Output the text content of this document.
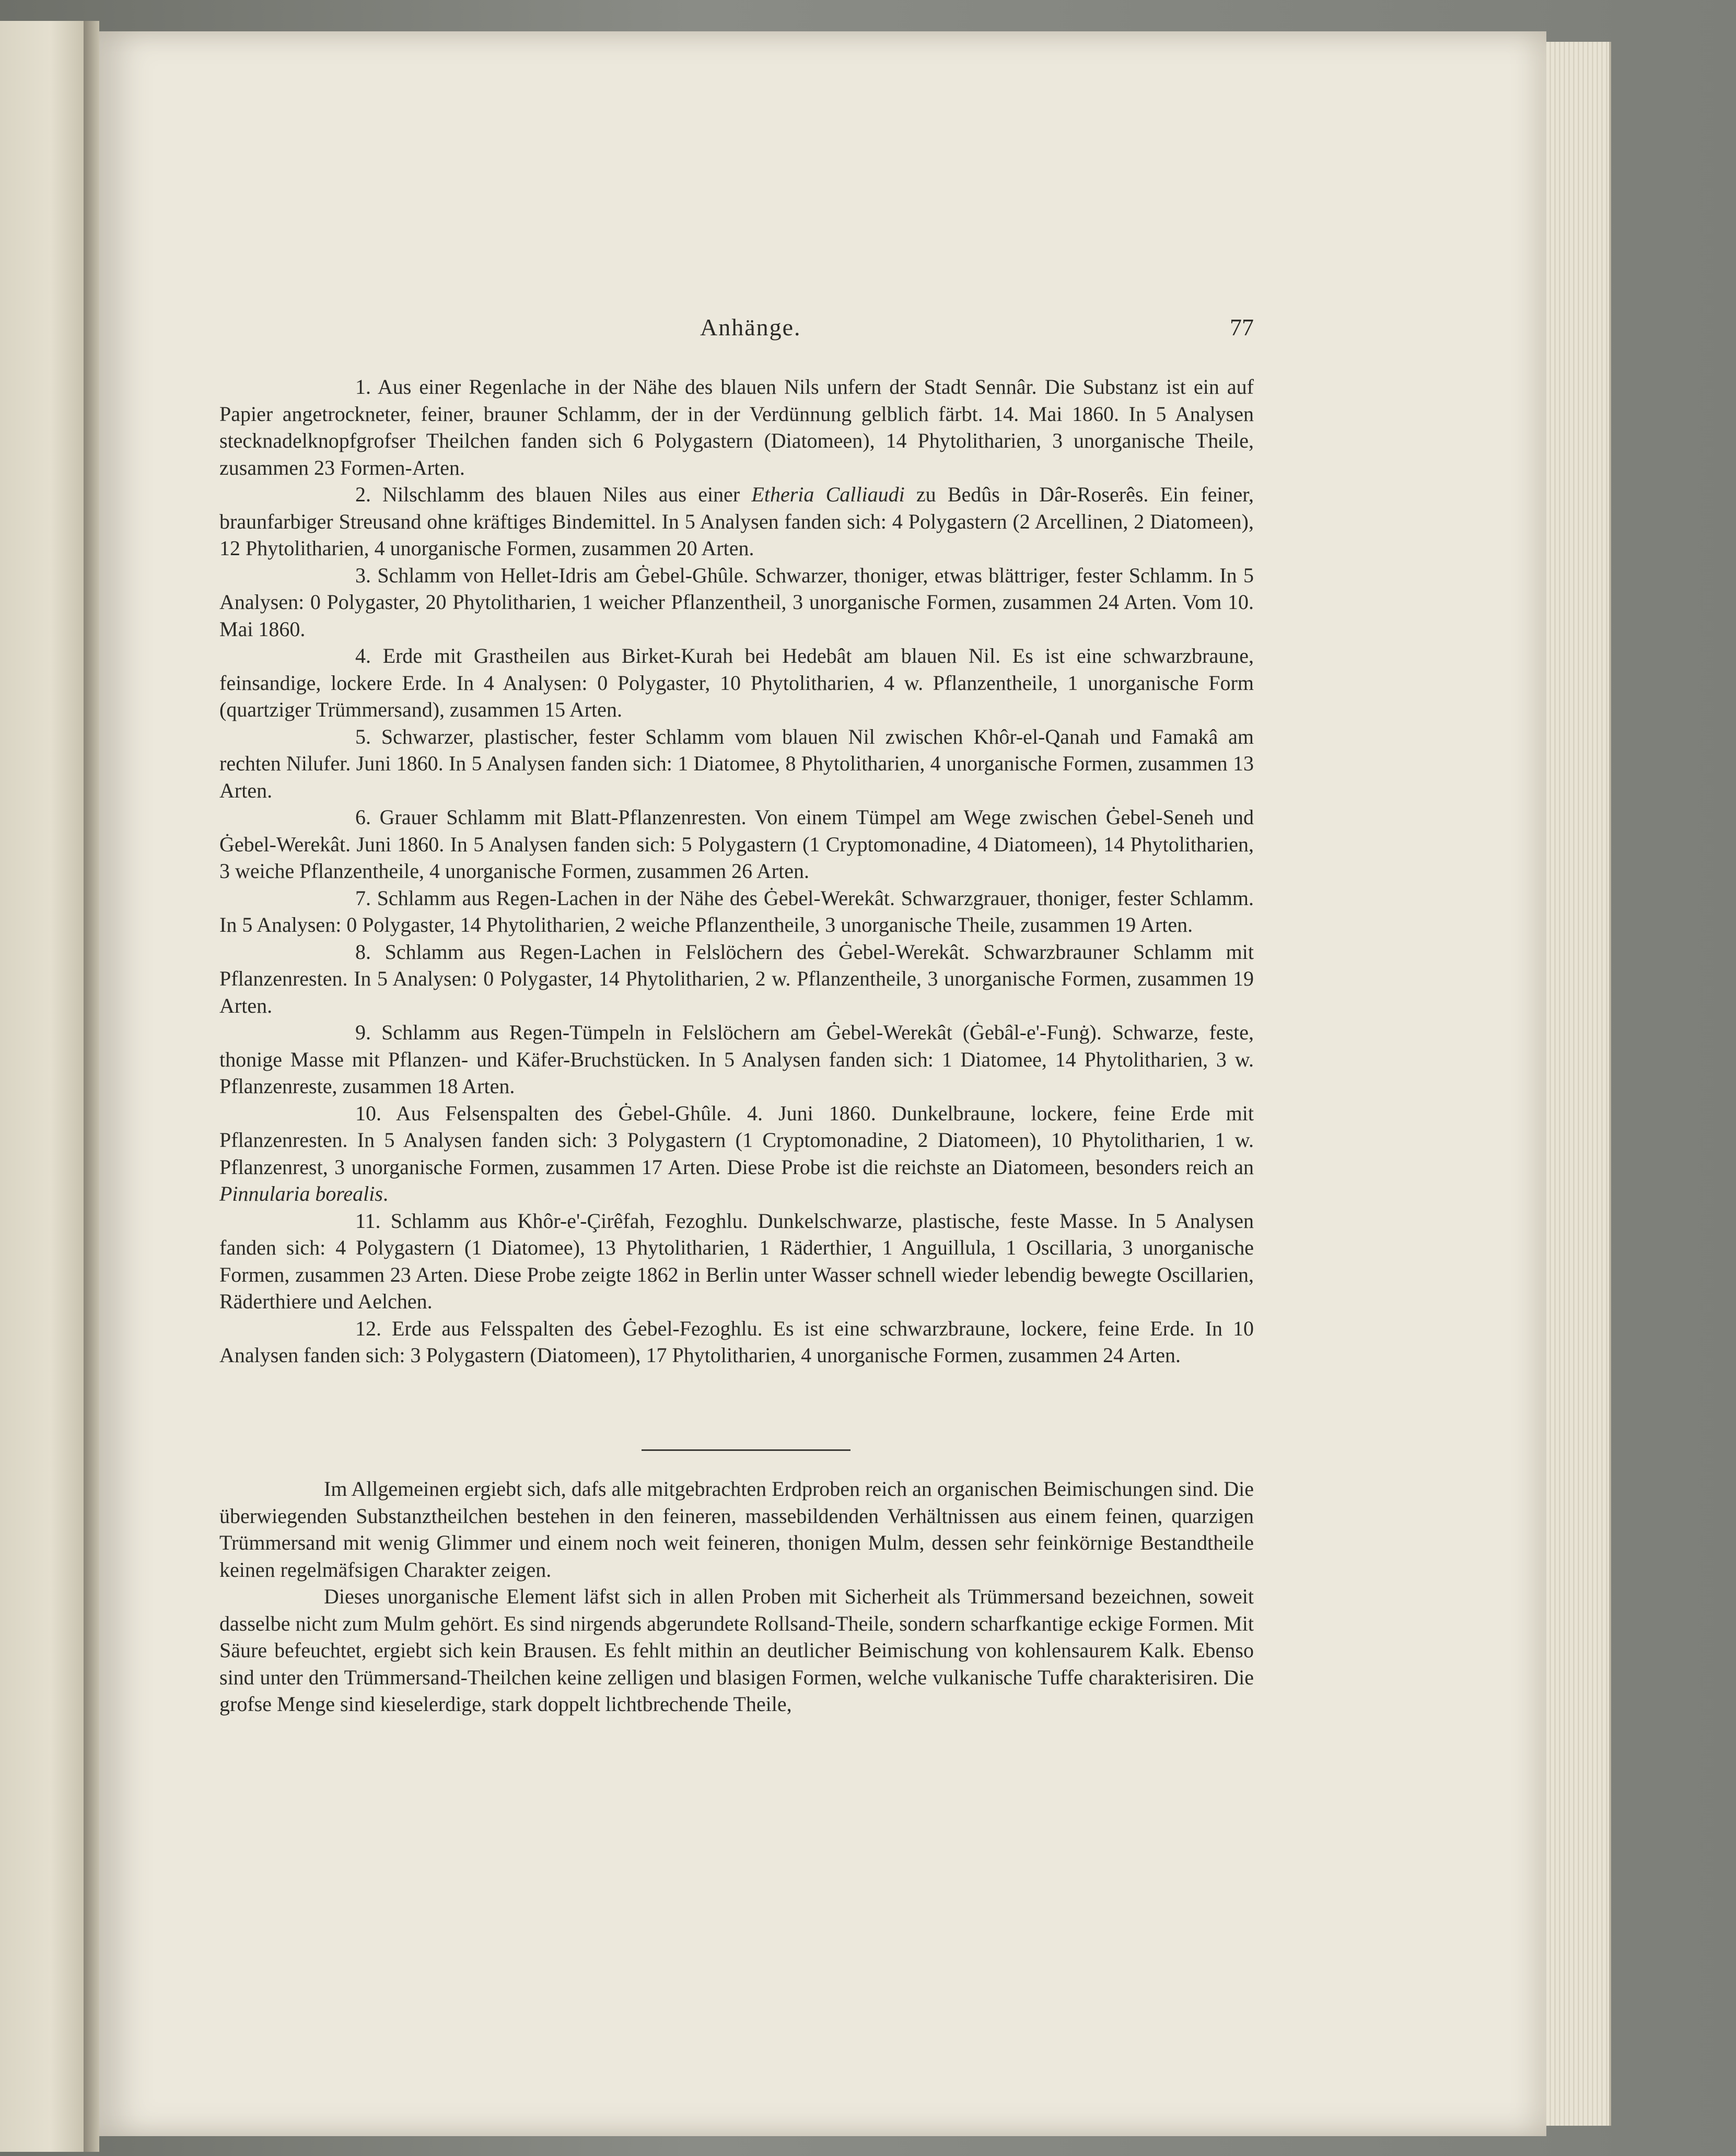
Anhänge.	77

1. Aus einer Regenlache in der Nähe des blauen Nils unfern der Stadt Sennâr. Die Substanz ist ein auf Papier angetrockneter, feiner, brauner Schlamm, der in der Verdünnung gelblich färbt. 14. Mai 1860. In 5 Analysen stecknadelknopfgrofser Theilchen fanden sich 6 Polygastern (Diatomeen), 14 Phytolitharien, 3 unorganische Theile, zusammen 23 Formen-Arten.

2. Nilschlamm des blauen Niles aus einer Etheria Calliaudi zu Bedûs in Dâr-Roserês. Ein feiner, braunfarbiger Streusand ohne kräftiges Bindemittel. In 5 Analysen fanden sich: 4 Polygastern (2 Arcellinen, 2 Diatomeen), 12 Phytolitharien, 4 unorganische Formen, zusammen 20 Arten.

3. Schlamm von Hellet-Idris am Ġebel-Ghûle. Schwarzer, thoniger, etwas blättriger, fester Schlamm. In 5 Analysen: 0 Polygaster, 20 Phytolitharien, 1 weicher Pflanzentheil, 3 unorganische Formen, zusammen 24 Arten. Vom 10. Mai 1860.

4. Erde mit Grastheilen aus Birket-Kurah bei Hedebât am blauen Nil. Es ist eine schwarzbraune, feinsandige, lockere Erde. In 4 Analysen: 0 Polygaster, 10 Phytolitharien, 4 w. Pflanzentheile, 1 unorganische Form (quartziger Trümmersand), zusammen 15 Arten.

5. Schwarzer, plastischer, fester Schlamm vom blauen Nil zwischen Khôr-el-Qanah und Famakâ am rechten Nilufer. Juni 1860. In 5 Analysen fanden sich: 1 Diatomee, 8 Phytolitharien, 4 unorganische Formen, zusammen 13 Arten.

6. Grauer Schlamm mit Blatt-Pflanzenresten. Von einem Tümpel am Wege zwischen Ġebel-Seneh und Ġebel-Werekât. Juni 1860. In 5 Analysen fanden sich: 5 Polygastern (1 Cryptomonadine, 4 Diatomeen), 14 Phytolitharien, 3 weiche Pflanzentheile, 4 unorganische Formen, zusammen 26 Arten.

7. Schlamm aus Regen-Lachen in der Nähe des Ġebel-Werekât. Schwarzgrauer, thoniger, fester Schlamm. In 5 Analysen: 0 Polygaster, 14 Phytolitharien, 2 weiche Pflanzentheile, 3 unorganische Theile, zusammen 19 Arten.

8. Schlamm aus Regen-Lachen in Felslöchern des Ġebel-Werekât. Schwarzbrauner Schlamm mit Pflanzenresten. In 5 Analysen: 0 Polygaster, 14 Phytolitharien, 2 w. Pflanzentheile, 3 unorganische Formen, zusammen 19 Arten.

9. Schlamm aus Regen-Tümpeln in Felslöchern am Ġebel-Werekât (Ġebâl-e'-Funġ). Schwarze, feste, thonige Masse mit Pflanzen- und Käfer-Bruchstücken. In 5 Analysen fanden sich: 1 Diatomee, 14 Phytolitharien, 3 w. Pflanzenreste, zusammen 18 Arten.

10. Aus Felsenspalten des Ġebel-Ghûle. 4. Juni 1860. Dunkelbraune, lockere, feine Erde mit Pflanzenresten. In 5 Analysen fanden sich: 3 Polygastern (1 Cryptomonadine, 2 Diatomeen), 10 Phytolitharien, 1 w. Pflanzenrest, 3 unorganische Formen, zusammen 17 Arten. Diese Probe ist die reichste an Diatomeen, besonders reich an Pinnularia borealis.

11. Schlamm aus Khôr-e'-Çirêfah, Fezoghlu. Dunkelschwarze, plastische, feste Masse. In 5 Analysen fanden sich: 4 Polygastern (1 Diatomee), 13 Phytolitharien, 1 Räderthier, 1 Anguillula, 1 Oscillaria, 3 unorganische Formen, zusammen 23 Arten. Diese Probe zeigte 1862 in Berlin unter Wasser schnell wieder lebendig bewegte Oscillarien, Räderthiere und Aelchen.

12. Erde aus Felsspalten des Ġebel-Fezoghlu. Es ist eine schwarzbraune, lockere, feine Erde. In 10 Analysen fanden sich: 3 Polygastern (Diatomeen), 17 Phytolitharien, 4 unorganische Formen, zusammen 24 Arten.

Im Allgemeinen ergiebt sich, dafs alle mitgebrachten Erdproben reich an organischen Beimischungen sind. Die überwiegenden Substanztheilchen bestehen in den feineren, massebildenden Verhältnissen aus einem feinen, quarzigen Trümmersand mit wenig Glimmer und einem noch weit feineren, thonigen Mulm, dessen sehr feinkörnige Bestandtheile keinen regelmäfsigen Charakter zeigen.

Dieses unorganische Element läfst sich in allen Proben mit Sicherheit als Trümmersand bezeichnen, soweit dasselbe nicht zum Mulm gehört. Es sind nirgends abgerundete Rollsand-Theile, sondern scharfkantige eckige Formen. Mit Säure befeuchtet, ergiebt sich kein Brausen. Es fehlt mithin an deutlicher Beimischung von kohlensaurem Kalk. Ebenso sind unter den Trümmersand-Theilchen keine zelligen und blasigen Formen, welche vulkanische Tuffe charakterisiren. Die grofse Menge sind kieselerdige, stark doppelt lichtbrechende Theile,
